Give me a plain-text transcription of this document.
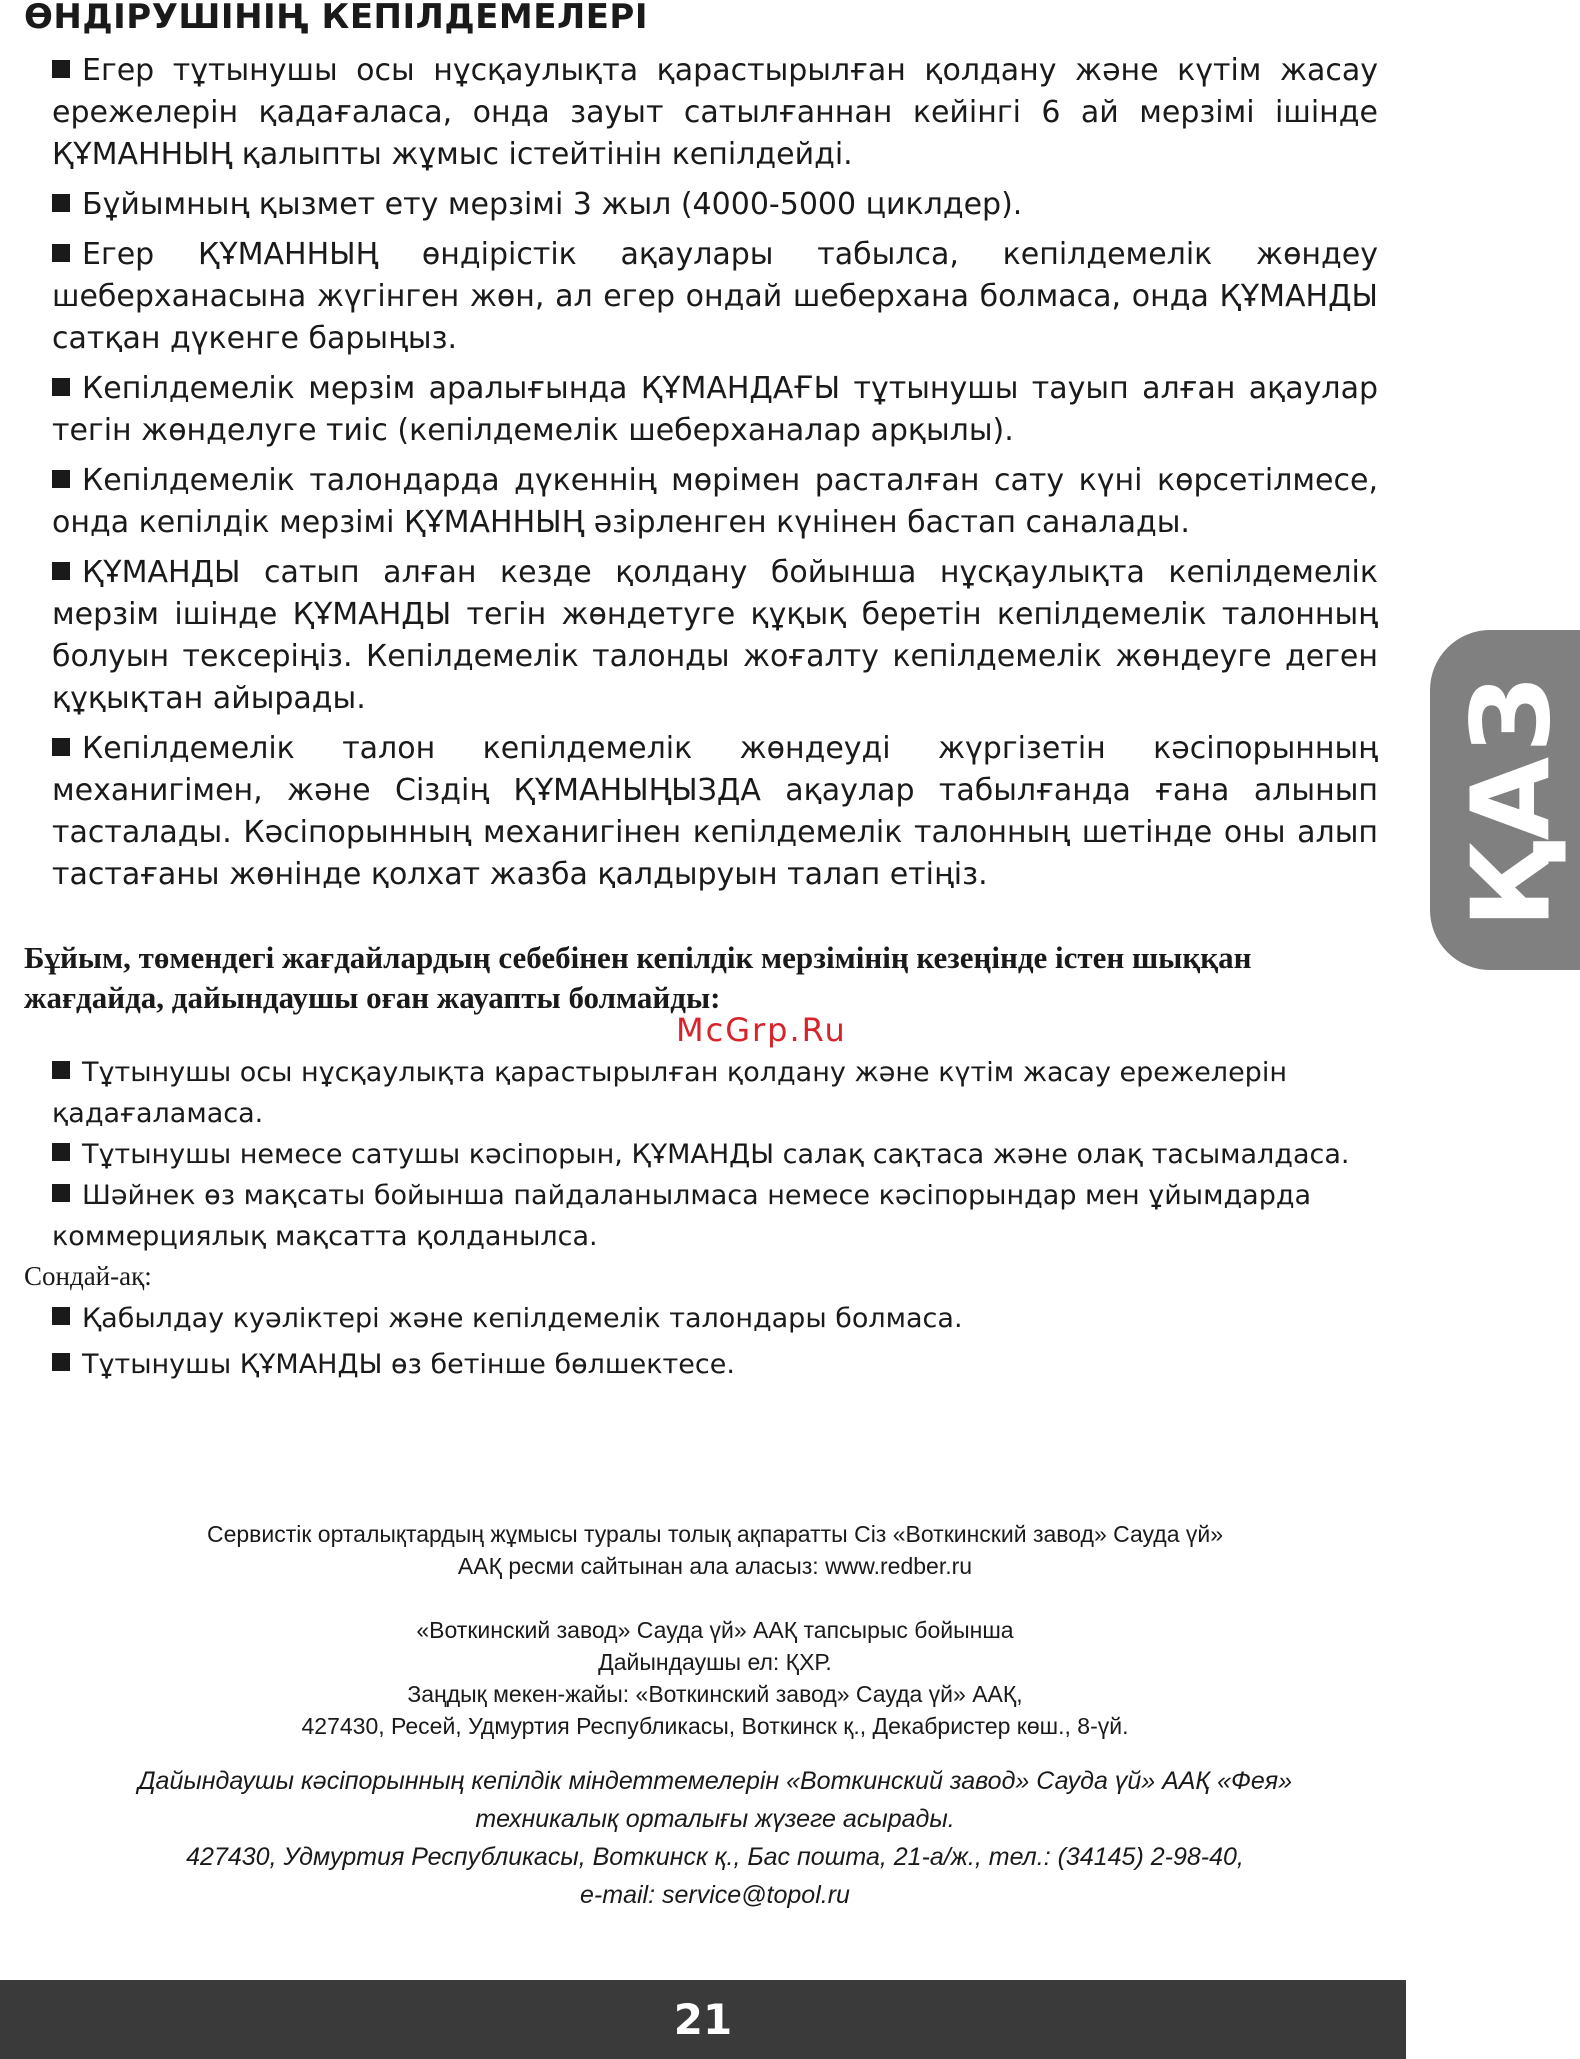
ӨНДІРУШІНІҢ КЕПІЛДЕМЕЛЕРІ

Егер тұтынушы осы нұсқаулықта қарастырылған қолдану және күтім жасау ережелерін қадағаласа, онда зауыт сатылғаннан кейінгі 6 ай мерзімі ішінде ҚҰМАННЫҢ қалыпты жұмыс істейтінін кепілдейді.

Бұйымның қызмет ету мерзімі 3 жыл (4000-5000 циклдер).

Егер ҚҰМАННЫҢ өндірістік ақаулары табылса, кепілдемелік жөндеу шеберханасына жүгінген жөн, ал егер ондай шеберхана болмаса, онда ҚҰМАНДЫ сатқан дүкенге барыңыз.

Кепілдемелік мерзім аралығында ҚҰМАНДАҒЫ тұтынушы тауып алған ақаулар тегін жөнделуге тиіс (кепілдемелік шеберханалар арқылы).

Кепілдемелік талондарда дүкеннің мөрімен расталған сату күні көрсетілмесе, онда кепілдік мерзімі ҚҰМАННЫҢ әзірленген күнінен бастап саналады.

ҚҰМАНДЫ сатып алған кезде қолдану бойынша нұсқаулықта кепілдемелік мерзім ішінде ҚҰМАНДЫ тегін жөндетуге құқық беретін кепілдемелік талонның болуын тексеріңіз. Кепілдемелік талонды жоғалту кепілдемелік жөндеуге деген құқықтан айырады.

Кепілдемелік талон кепілдемелік жөндеуді жүргізетін кәсіпорынның механигімен, және Сіздің ҚҰМАНЫҢЫЗДА ақаулар табылғанда ғана алынып тасталады. Кәсіпорынның механигінен кепілдемелік талонның шетінде оны алып тастағаны жөнінде қолхат жазба қалдыруын талап етіңіз.

Бұйым, төмендегі жағдайлардың себебінен кепілдік мерзімінің кезеңінде істен шыққан жағдайда, дайындаушы оған жауапты болмайды:
McGrp.Ru

Тұтынушы осы нұсқаулықта қарастырылған қолдану және күтім жасау ережелерін қадағаламаса.

Тұтынушы немесе сатушы кәсіпорын, ҚҰМАНДЫ салақ сақтаса және олақ тасымалдаса.

Шәйнек өз мақсаты бойынша пайдаланылмаса немесе кәсіпорындар мен ұйымдарда коммерциялық мақсатта қолданылса.

Сондай-ақ:

Қабылдау куәліктері және кепілдемелік талондары болмаса.

Тұтынушы ҚҰМАНДЫ өз бетінше бөлшектесе.

Сервистік орталықтардың жұмысы туралы толық ақпаратты Сіз «Воткинский завод» Сауда үй»

ААҚ ресми сайтынан ала аласыз: www.redber.ru

«Воткинский завод» Сауда үй» ААҚ тапсырыс бойынша

Дайындаушы ел: ҚХР.

Заңдық мекен-жайы: «Воткинский завод» Сауда үй» ААҚ,

427430, Ресей, Удмуртия Республикасы, Воткинск қ., Декабристер көш., 8-үй.

Дайындаушы кәсіпорынның кепілдік міндеттемелерін «Воткинский завод» Сауда үй» ААҚ «Фея»

техникалық орталығы жүзеге асырады.

427430, Удмуртия Республикасы, Воткинск қ., Бас пошта, 21-а/ж., тел.: (34145) 2-98-40,

e-mail: service@topol.ru

ҚАЗ
21
